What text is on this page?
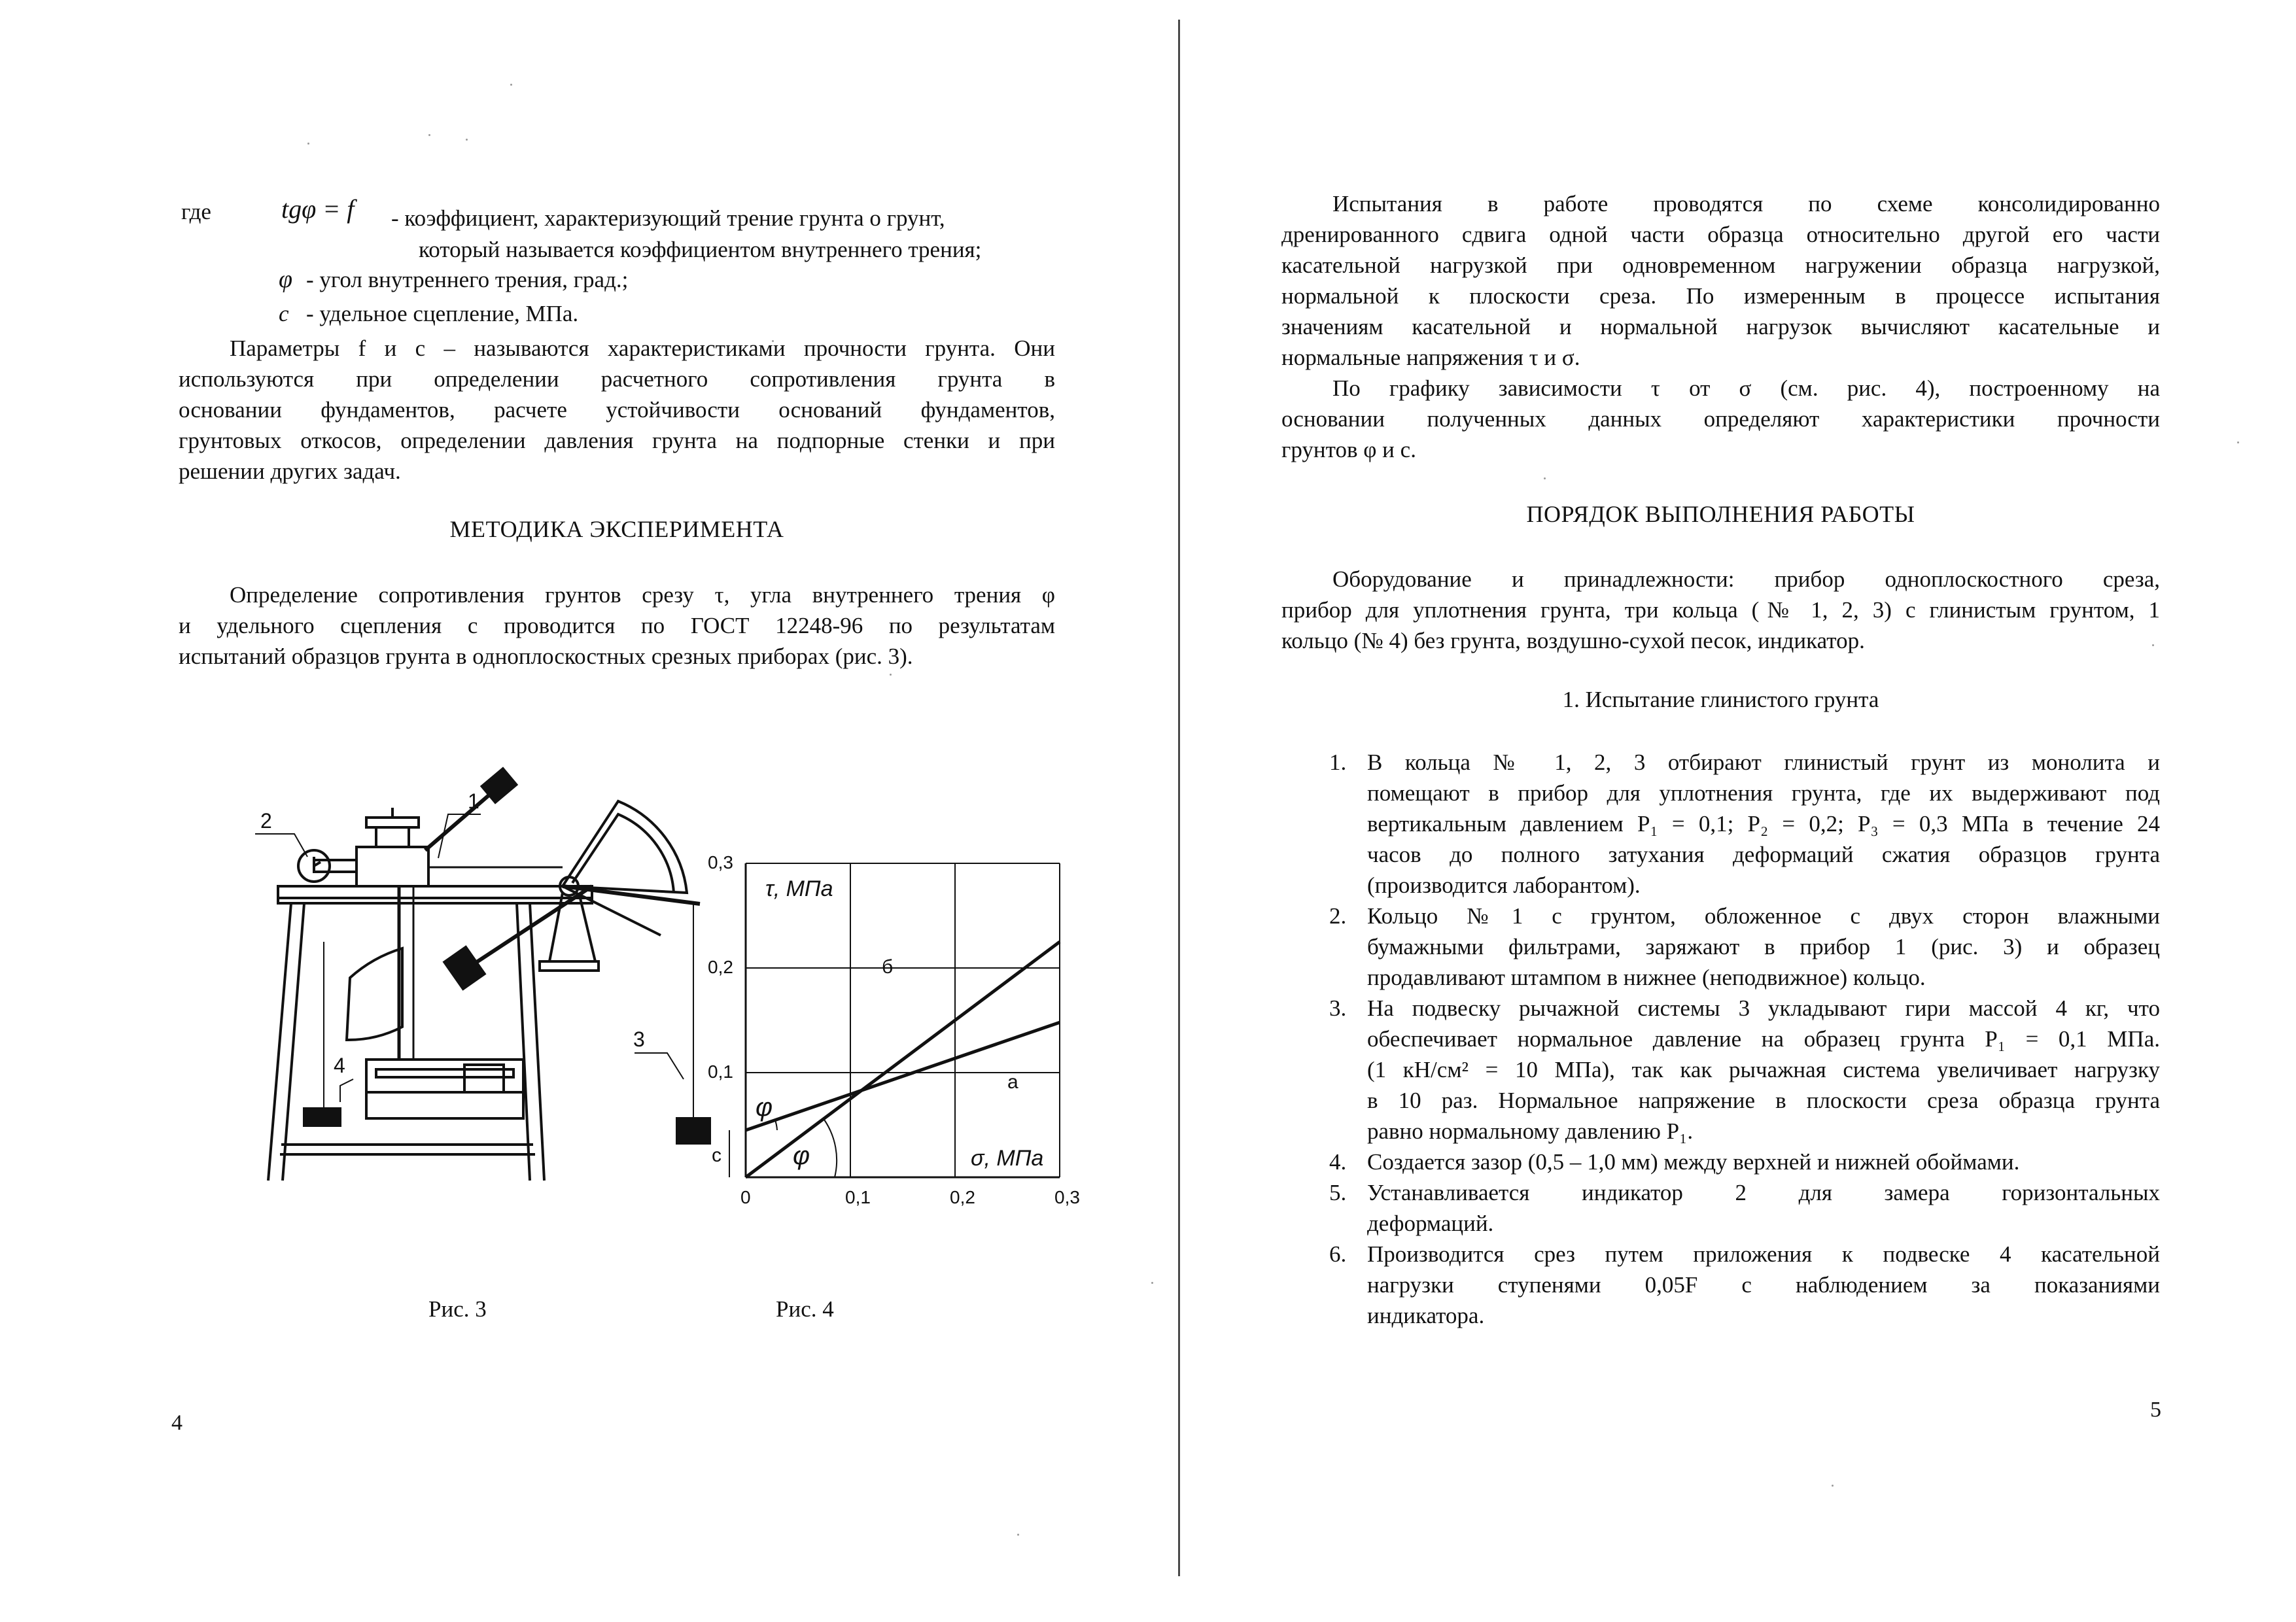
где	tgφ = f - коэффициент, характеризующий трение грунта о грунт,
который называется коэффициентом внутреннего трения;
φ - угол внутреннего трения, град.;
c - удельное сцепление, МПа.
Параметры f и c – называются характеристиками прочности грунта. Они
используются при определении расчетного сопротивления грунта в
основании фундаментов, расчете устойчивости оснований фундаментов,
грунтовых откосов, определении давления грунта на подпорные стенки и при
решении других задач.
МЕТОДИКА ЭКСПЕРИМЕНТА
Определение сопротивления грунтов срезу τ, угла внутреннего трения φ
и удельного сцепления c проводится по ГОСТ 12248-96 по результатам
испытаний образцов грунта в одноплоскостных срезных приборах (рис. 3).
2
1
3
4
0	0,1	0,2	0,3
0,1
0,2
0,3
τ, МПа
σ, МПа
а
б
c
φ
φ
Рис. 3	Рис. 4
4
Испытания в работе проводятся по схеме консолидированно
дренированного сдвига одной части образца относительно другой его части
касательной нагрузкой при одновременном нагружении образца нагрузкой,
нормальной к плоскости среза. По измеренным в процессе испытания
значениям касательной и нормальной нагрузок вычисляют касательные и
нормальные напряжения τ и σ.
По графику зависимости τ от σ (см. рис. 4), построенному на
основании полученных данных определяют характеристики прочности
грунтов φ и c.
ПОРЯДОК ВЫПОЛНЕНИЯ РАБОТЫ
Оборудование и принадлежности: прибор одноплоскостного среза,
прибор для уплотнения грунта, три кольца (№ 1, 2, 3) с глинистым грунтом, 1
кольцо (№ 4) без грунта, воздушно-сухой песок, индикатор.
1. Испытание глинистого грунта
1. В кольца № 1, 2, 3 отбирают глинистый грунт из монолита и
помещают в прибор для уплотнения грунта, где их выдерживают под
вертикальным давлением P₁ = 0,1; P₂ = 0,2; P₃ = 0,3 МПа в течение 24
часов до полного затухания деформаций сжатия образцов грунта
(производится лаборантом).
2. Кольцо №1 с грунтом, обложенное с двух сторон влажными
бумажными фильтрами, заряжают в прибор 1 (рис. 3) и образец
продавливают штампом в нижнее (неподвижное) кольцо.
3. На подвеску рычажной системы 3 укладывают гири массой 4 кг, что
обеспечивает нормальное давление на образец грунта P₁ = 0,1 МПа.
(1 кН/см² = 10 МПа), так как рычажная система увеличивает нагрузку
в 10 раз. Нормальное напряжение в плоскости среза образца грунта
равно нормальному давлению P₁.
4. Создается зазор (0,5 – 1,0 мм) между верхней и нижней обоймами.
5. Устанавливается индикатор 2 для замера горизонтальных
деформаций.
6. Производится срез путем приложения к подвеске 4 касательной
нагрузки ступенями 0,05F с наблюдением за показаниями
индикатора.
5
